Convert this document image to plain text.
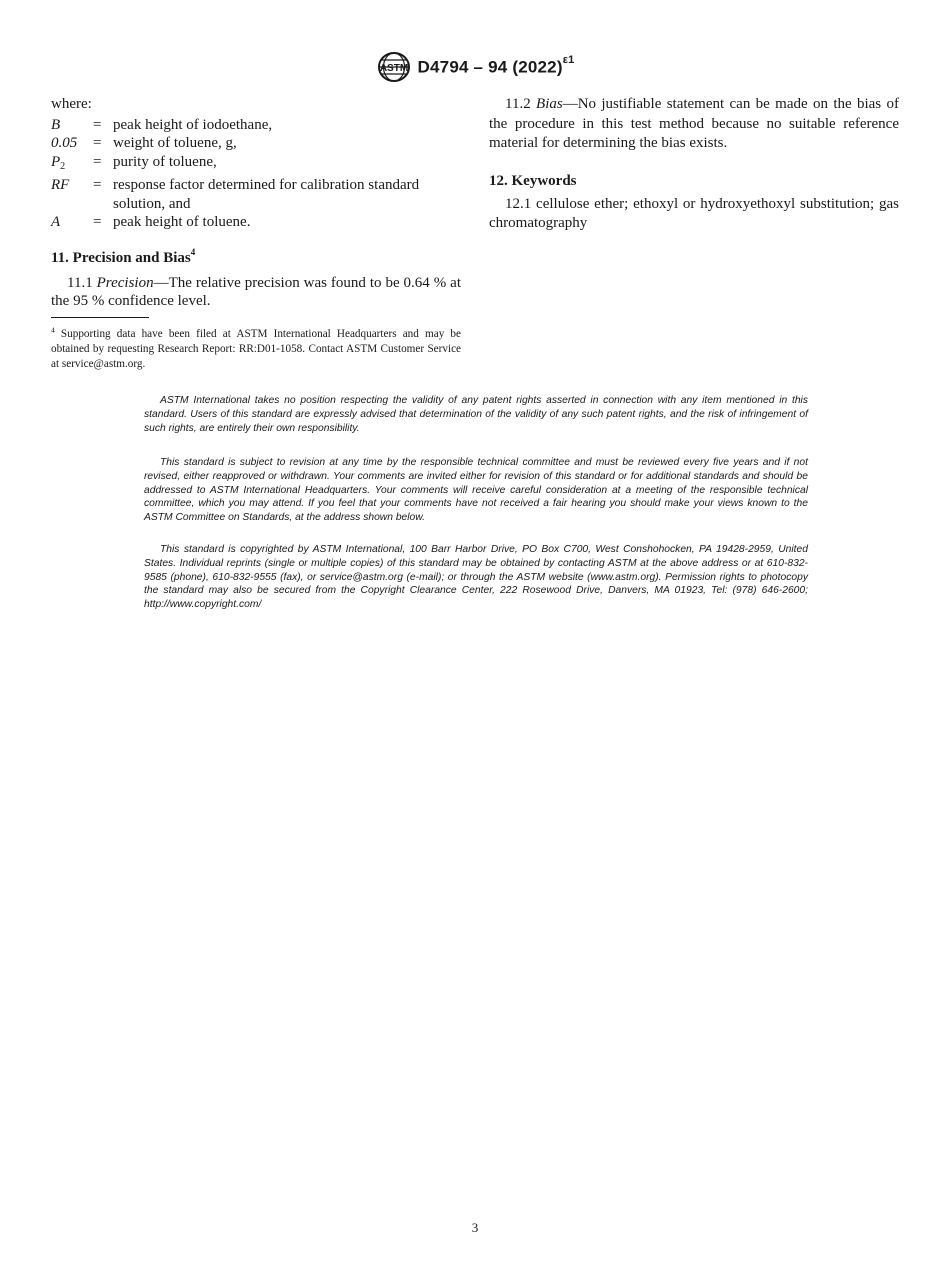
ASTM D4794 – 94 $(2022)^{\varepsilon 1}$

where:

B	= peak height of iodoethane,
0.05	= weight of toluene, g,
$P_2$	= purity of toluene,
RF	= response factor determined for calibration standard solution, and
A	= peak height of toluene.
11. Precision and Bias$^4$

11.1 Precision—The relative precision was found to be 0.64 % at the 95 % confidence level.

11.2 Bias—No justifiable statement can be made on the bias of the procedure in this test method because no suitable reference material for determining the bias exists.

12. Keywords

12.1 cellulose ether; ethoxyl or hydroxyethoxyl substitution; gas chromatography

$^4$ Supporting data have been filed at ASTM International Headquarters and may be obtained by requesting Research Report: RR:D01-1058. Contact ASTM Customer Service at service@astm.org.

ASTM International takes no position respecting the validity of any patent rights asserted in connection with any item mentioned in this standard. Users of this standard are expressly advised that determination of the validity of any such patent rights, and the risk of infringement of such rights, are entirely their own responsibility.

This standard is subject to revision at any time by the responsible technical committee and must be reviewed every five years and if not revised, either reapproved or withdrawn. Your comments are invited either for revision of this standard or for additional standards and should be addressed to ASTM International Headquarters. Your comments will receive careful consideration at a meeting of the responsible technical committee, which you may attend. If you feel that your comments have not received a fair hearing you should make your views known to the ASTM Committee on Standards, at the address shown below.

This standard is copyrighted by ASTM International, 100 Barr Harbor Drive, PO Box C700, West Conshohocken, PA 19428-2959, United States. Individual reprints (single or multiple copies) of this standard may be obtained by contacting ASTM at the above address or at 610-832-9585 (phone), 610-832-9555 (fax), or service@astm.org (e-mail); or through the ASTM website (www.astm.org). Permission rights to photocopy the standard may also be secured from the Copyright Clearance Center, 222 Rosewood Drive, Danvers, MA 01923, Tel: (978) 646-2600; http://www.copyright.com/

3
